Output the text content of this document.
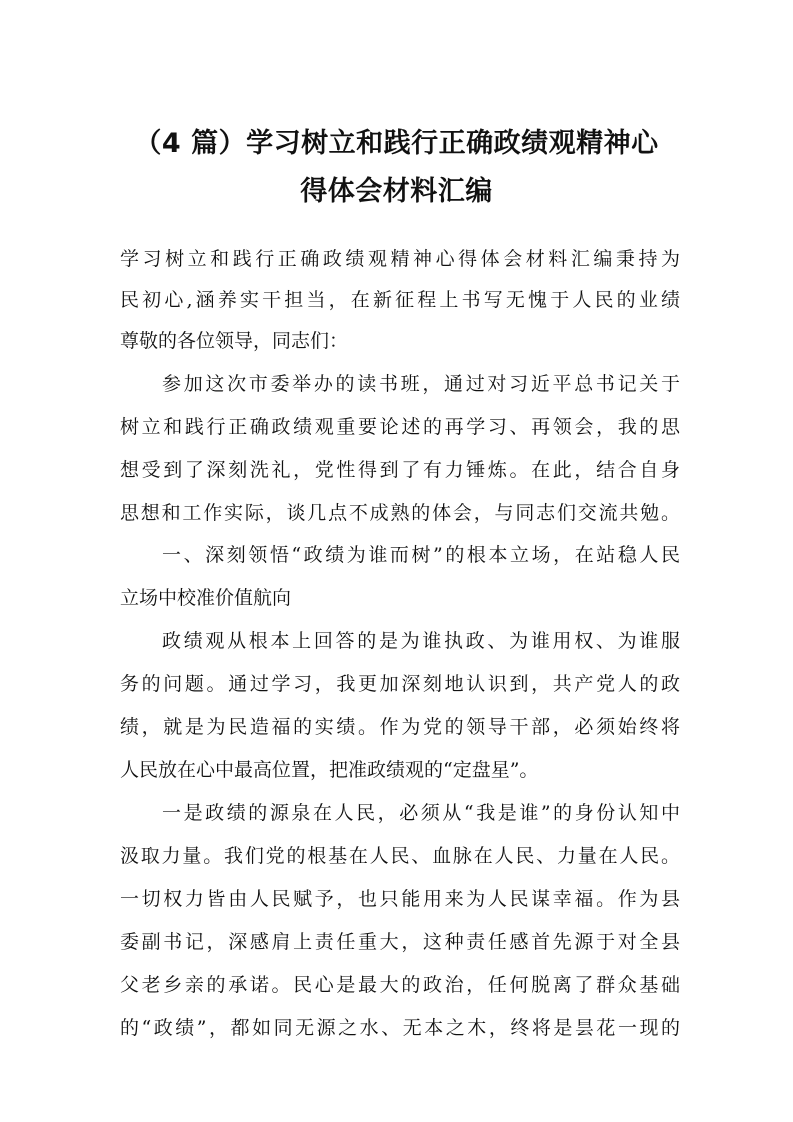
（4 篇）学习树立和践行正确政绩观精神心
得体会材料汇编
学习树立和践行正确政绩观精神心得体会材料汇编秉持为
民初心,涵养实干担当，在新征程上书写无愧于人民的业绩
尊敬的各位领导，同志们：
参加这次市委举办的读书班，通过对习近平总书记关于
树立和践行正确政绩观重要论述的再学习、再领会，我的思
想受到了深刻洗礼，党性得到了有力锤炼。在此，结合自身
思想和工作实际，谈几点不成熟的体会，与同志们交流共勉。
一、深刻领悟“政绩为谁而树”的根本立场，在站稳人民
立场中校准价值航向
政绩观从根本上回答的是为谁执政、为谁用权、为谁服
务的问题。通过学习，我更加深刻地认识到，共产党人的政
绩，就是为民造福的实绩。作为党的领导干部，必须始终将
人民放在心中最高位置，把准政绩观的“定盘星”。
一是政绩的源泉在人民，必须从“我是谁”的身份认知中
汲取力量。我们党的根基在人民、血脉在人民、力量在人民。
一切权力皆由人民赋予，也只能用来为人民谋幸福。作为县
委副书记，深感肩上责任重大，这种责任感首先源于对全县
父老乡亲的承诺。民心是最大的政治，任何脱离了群众基础
的“政绩”，都如同无源之水、无本之木，终将是昙花一现的
